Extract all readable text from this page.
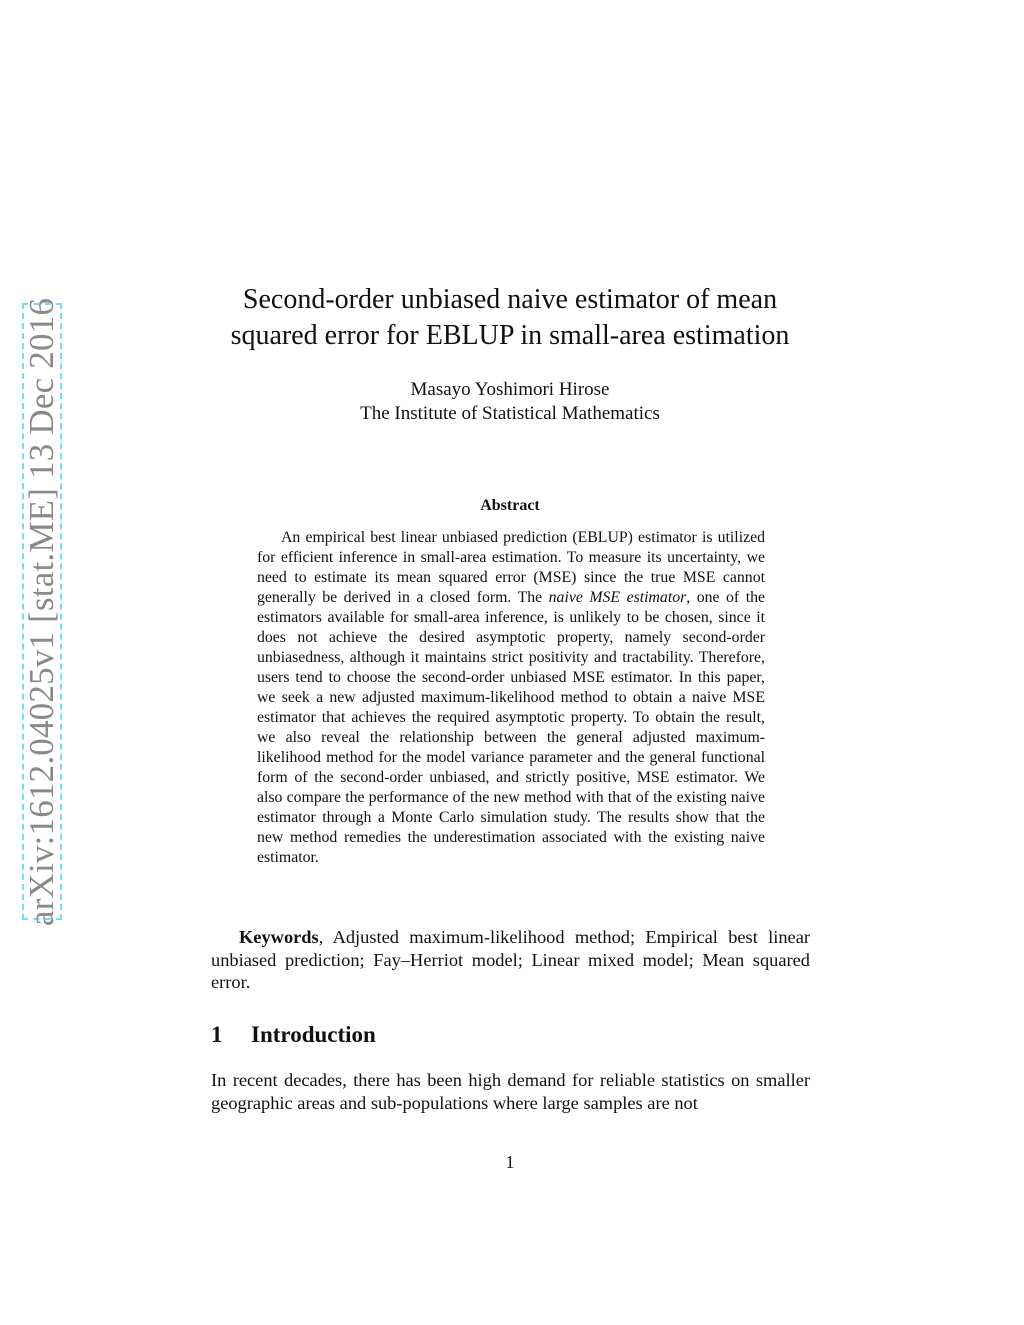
arXiv:1612.04025v1 [stat.ME] 13 Dec 2016	Second-order unbiased naive estimator of mean
squared error for EBLUP in small-area estimation
Masayo Yoshimori Hirose
The Institute of Statistical Mathematics
Abstract

An empirical best linear unbiased prediction (EBLUP) estimator is utilized for efficient inference in small-area estimation. To measure its uncertainty, we need to estimate its mean squared error (MSE) since the true MSE cannot generally be derived in a closed form. The naive MSE estimator, one of the estimators available for small-area inference, is unlikely to be chosen, since it does not achieve the desired asymptotic property, namely second-order unbiasedness, although it maintains strict positivity and tractability. Therefore, users tend to choose the second-order unbiased MSE estimator. In this paper, we seek a new adjusted maximum-likelihood method to obtain a naive MSE estimator that achieves the required asymptotic property. To obtain the result, we also reveal the relationship between the general adjusted maximum-likelihood method for the model variance parameter and the general functional form of the second-order unbiased, and strictly positive, MSE estimator. We also compare the performance of the new method with that of the existing naive estimator through a Monte Carlo simulation study. The results show that the new method remedies the underestimation associated with the existing naive estimator.

Keywords, Adjusted maximum-likelihood method; Empirical best linear unbiased prediction; Fay–Herriot model; Linear mixed model; Mean squared error.

1 Introduction

In recent decades, there has been high demand for reliable statistics on smaller geographic areas and sub-populations where large samples are not

1
